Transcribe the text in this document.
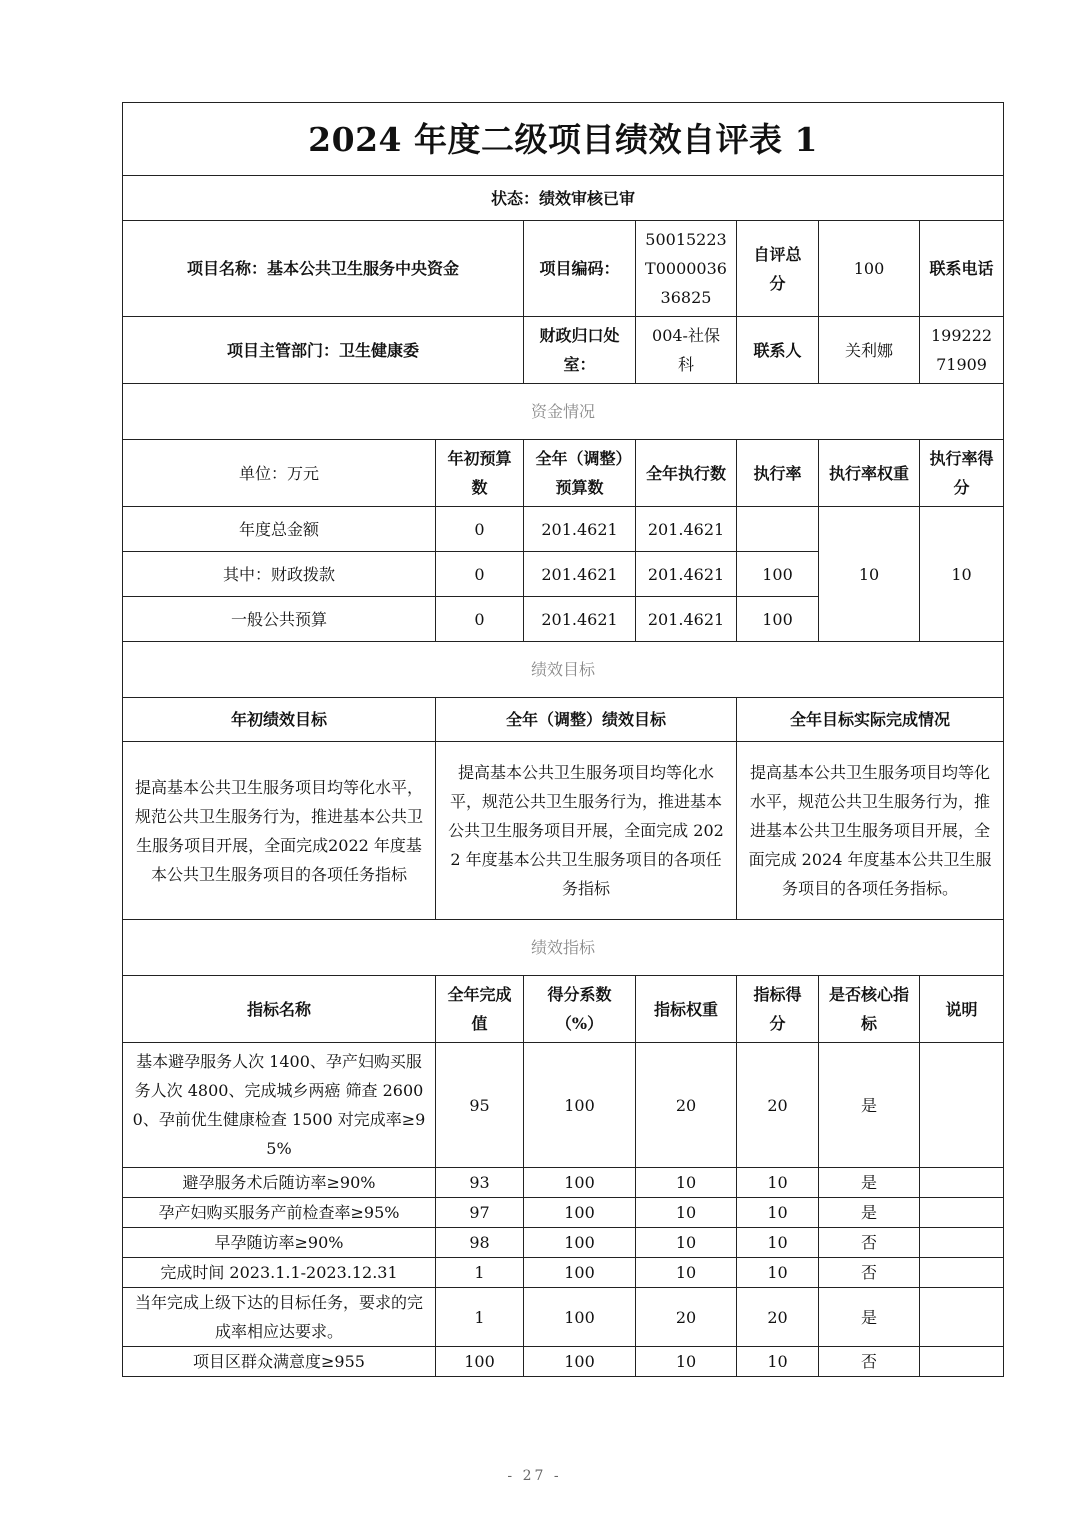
2024 年度二级项目绩效自评表 1						
状态：绩效审核已审						
项目名称：基本公共卫生服务中央资金		项目编码：	50015223T000003636825	自评总分	100	联系电话
项目主管部门：卫生健康委		财政归口处室：	004-社保科	联系人	关利娜	19922271909
资金情况						
单位：万元	年初预算数	全年（调整）预算数	全年执行数	执行率	执行率权重	执行率得分
年度总金额	0	201.4621	201.4621		10	10
其中：财政拨款	0	201.4621	201.4621	100		
一般公共预算	0	201.4621	201.4621	100		
绩效目标						
年初绩效目标	全年（调整）绩效目标			全年目标实际完成情况		
提高基本公共卫生服务项目均等化水平，规范公共卫生服务行为，推进基本公共卫生服务项目开展，全面完成2022 年度基本公共卫生服务项目的各项任务指标	提高基本公共卫生服务项目均等化水平，规范公共卫生服务行为，推进基本公共卫生服务项目开展，全面完成 2022 年度基本公共卫生服务项目的各项任务指标			提高基本公共卫生服务项目均等化水平，规范公共卫生服务行为，推进基本公共卫生服务项目开展，全面完成 2024 年度基本公共卫生服务项目的各项任务指标。		
绩效指标						
指标名称	全年完成值	得分系数（%）	指标权重	指标得分	是否核心指标	说明
基本避孕服务人次 1400、孕产妇购买服务人次 4800、完成城乡两癌 筛查 26000、孕前优生健康检查 1500 对完成率≥95%	95	100	20	20	是	
避孕服务术后随访率≥90%	93	100	10	10	是	
孕产妇购买服务产前检查率≥95%	97	100	10	10	是	
早孕随访率≥90%	98	100	10	10	否	
完成时间 2023.1.1-2023.12.31	1	100	10	10	否	
当年完成上级下达的目标任务，要求的完成率相应达要求。	1	100	20	20	是	
项目区群众满意度≥955	100	100	10	10	否	
- 27 -
